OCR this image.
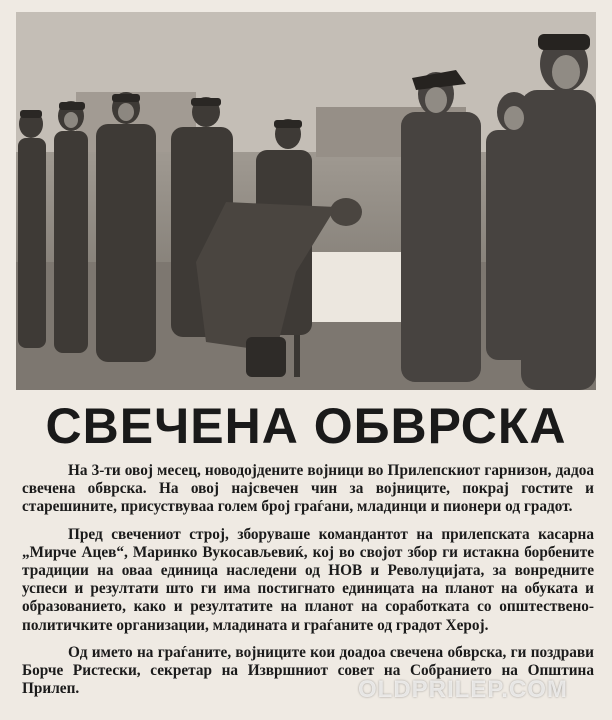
СВЕЧЕНА ОБВРСКА

На 3-ти овој месец, новодојдените војници во Прилепскиот гарнизон, дадоа свечена обврска. На овој најсвечен чин за војниците, покрај гостите и старешините, присуствуваа голем број граѓани, младинци и пионери од градот.

Пред свечениот строј, зборуваше командантот на прилепската касарна „Мирче Ацев“, Маринко Вукосављевиќ, кој во својот збор ги истакна борбените традиции на оваа единица наследени од НОВ и Револуцијата, за вонредните успеси и резултати што ги има постигнато единицата на планот на обуката и образованието, како и резултатите на планот на соработката со општествено-политичките организации, младината и граѓаните од градот Херој.

Од името на граѓаните, војниците кои доадоа свечена обврска, ги поздрави Борче Ристески, секретар на Извршниот совет на Собранието на Општина Прилеп.	OLDPRILEP.COM
